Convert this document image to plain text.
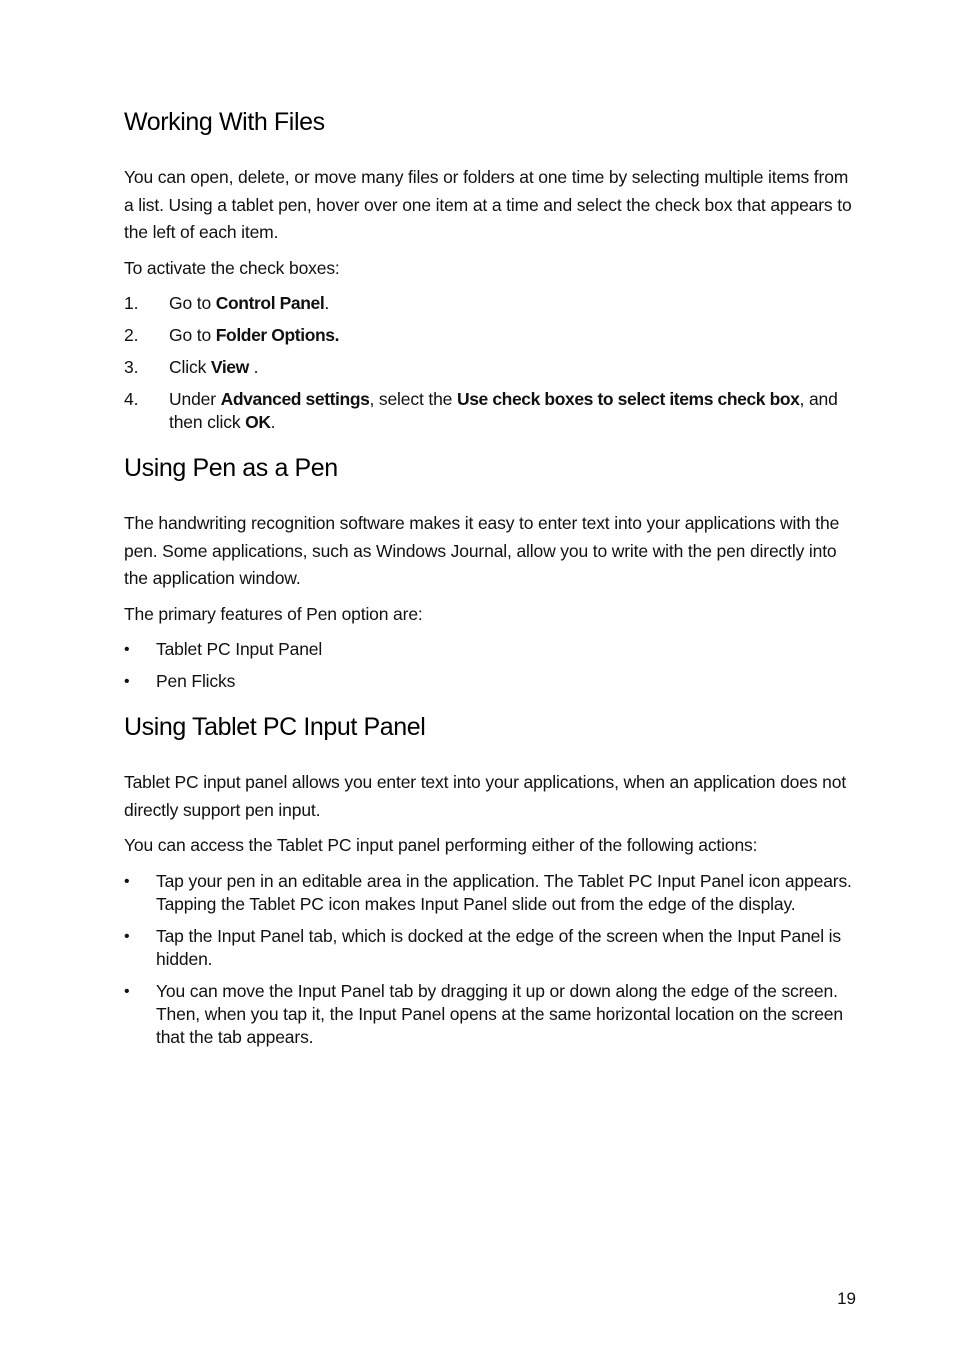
Working With Files

You can open, delete, or move many files or folders at one time by selecting multiple items from a list. Using a tablet pen, hover over one item at a time and select the check box that appears to the left of each item.

To activate the check boxes:

1. Go to Control Panel.
2. Go to Folder Options.
3. Click View .
4. Under Advanced settings, select the Use check boxes to select items check box, and then click OK.
Using Pen as a Pen

The handwriting recognition software makes it easy to enter text into your applications with the pen. Some applications, such as Windows Journal, allow you to write with the pen directly into the application window.

The primary features of Pen option are:

• Tablet PC Input Panel
• Pen Flicks
Using Tablet PC Input Panel

Tablet PC input panel allows you enter text into your applications, when an application does not directly support pen input.

You can access the Tablet PC input panel performing either of the following actions:

• Tap your pen in an editable area in the application. The Tablet PC Input Panel icon appears. Tapping the Tablet PC icon makes Input Panel slide out from the edge of the display.
• Tap the Input Panel tab, which is docked at the edge of the screen when the Input Panel is hidden.
• You can move the Input Panel tab by dragging it up or down along the edge of the screen. Then, when you tap it, the Input Panel opens at the same horizontal location on the screen that the tab appears.
19
